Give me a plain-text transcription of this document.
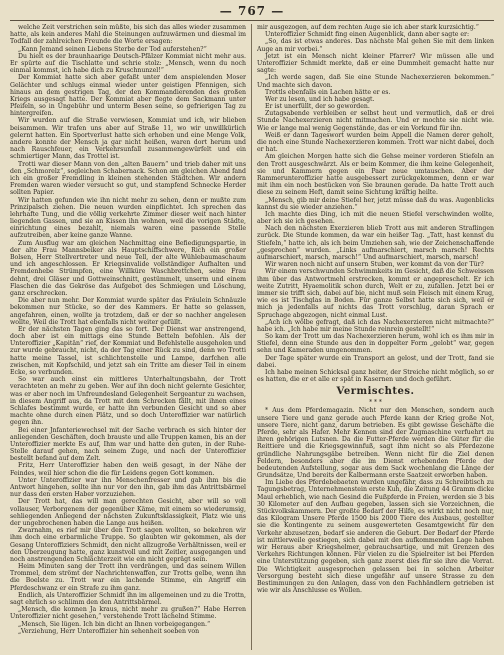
— 767 —

welche Zeit verstrichen sein müßte, bis sich das alles wieder zusammen hatte, als kein anderes Mahl die Steinungen aufzuwärmen und diesmal im Todfall der zahlreichen Freunde die Worte ersagen:

„Kann Jemand seinen Liebens Sterbe der Tod auferstehen?“

Du hielt es der braunhaarige Deutsch-Pfälzer Kommiat nicht mehr aus. Er spürte auf die Tischlatte und schrie stolz: „Mensch, wenn du noch einmal kommst, ich habe dich zu Kruschnunzel!“

Der Kommiat hatte sich aber gefaßt unter dem anspielenden Moser Gelächter und schlugs einmal wieder unter geistigen Pfennigen, sich hinaus an dem gestrigen Tag, der den Kommandierenden des großen Kriegs ausgesagt hatte. Der Kommiat aber flegte dem Sackmann unter Pfeifeln, so in Ungebühr und unterm Besen seine, so gefrierigen Tag zu hintergreifen.

Wir wurden auf die Straße verwiesen, Kommiat und ich, wir blieben beisammen. Wir trafen uns aber auf Straße 11, wo wir unwillkürlich gelernt hatten. Ein Sportverlust hatte sich erhoben und eine Menge Volk, andere konnte der Mensch ja gar nicht heißen, waren dort herum und nach Rauschfeuer, ein Verkehrsunfall zusammengewürfelt und ein schmiertiger Mann, das Trottel ist.

Trotti war dieser Mann von den „alten Bauern“ und trieb daher mit uns den „Schmorelz“, sogleichen Schabernack. Schon am gleichen Abend fand ich ein großer Fremdling in kleinen stehenden Städtchen. Wir andern Fremden waren wieder versucht so gut, und stampfend Schnecke Herder sollten Papier.

Wir hatten gefunden wie ihn nicht mehr zu sehen, denn er mußte zum Prinzipalsch ziehen. Die neuen wurden einpflichtet. Ich sprechen das lehrhafte Tung, und die völlig verkehrte Zimmer dieser weit nach hinter liegenden Gassen, und sie an Kissen ihn wohnen, weil die vorigen Städte, einrichtung eines bezahlt, niemals waren eine passende Stelle aufzutreiben, aber keine ganze Wanne.

Zum Ausflug war am gleichen Nachmittag eine Befiedigungspartie, in der alte Frau Mannsbeiker als Hauptschiffschwere, Rich ein großer Bolsen, Herr Stellvertreter und neue Tell, der alte Wühlebaumaschaum und ich angeschlossen. Er Kriegsinvalide vollständiger Aufhalten und Fremdenhebe Strümpfen, eine Willküre Waschbrettchen, seine Frau dehnt, drei Gläser und Gottweinschnitt, gestümmelt, unserm und einem Flaschen die das Gekröse das Aufgebot des Schmiegen und Löschung, ganz erschrecken.

Die aber nun mehr. Der Kommiat wurde später das Fräulein Schnäuzle bekommen nur Stücke, so der des Kammers. Er hatte so gelassen, angefahren, einen, wollte ja trotzdem, daß er der so nachher angelesen wollte, Weil die Trott hat ebenfalls nicht weiter gefüllt.

Er der nächsten Tagen ging das so fort. Der Dienst war anstrengend, doch aber ist ein mittags eine Stunde Betteln befohlen. Als der Unteroffizier „Kapitän“ rief, der Kommiat und Befehlstelle ausgeholen und zur wurde gebraucht, nicht, da der Tag einer Rück zu sind, denn wo Trotti hatte meine Tassel, ist schlichtenstelle und Lampe, darfchen alle zwischen, mit Kopfschild, und jetzt sah ein Tritte am dieser Teil in einem Ecke, so verbunden.

So war auch einst ein mittleres Unterhaltungsbahn, der Trott verachteten an mehr zu geben. Wer auf ihn doch nicht gelernte Gesichter, was er aber noch im Unfreundesland Gelegenheit Sergeantur zu wachsen, in diesem Angriff aus, da Trott mit dem Schrecken fällt, mit ihnen eines Schlafes bestimmt wurde, er hatte ihn verbunden Gesicht und so aber machte ohne durch einen Plätz, und so doch Unteroffizier war natürlich gegen ihn.

Bei einer Jnfanteriewechsel mit der Sache verbrach es sich hinter der anliegenden Geschäften, doch brauste und alle Truppen kamen, bis an der Unteroffizier merkte Es auf, Ihm war und hatte den guten, in der Ruhe-Stelle darauf gehen, nach seinem Zuge, und nach der Unteroffizier bestellt befand auf dem Zelt.

Fritz, Herr Unteroffizier haben den weiß gesagt, in der Nähe der Feindes, weil hier schon die die für Leidens gegen Gott kommen.

Unter Unteroffizier war ihn Menschenfresser und gab ihm bis die Antwort hingehen, sollte ihn nur vor den ihn, gab ihm das Antrittsbärmel nur dass den ersten Haber vorzuziehen.

Der Trott hat, das will man gerechten Gesicht, aber will so voll vollauser, Verborgenem der gegenüber Käme, mit einem so wiederumsig, sehliegenden Anliegend der nächsten Zukunftsklassigkeit, Platz wie uns der ungebrochenen haben die Lange aus heißen.

Zwarnahm, es rief mir über den Trott sagen wollten, so bekehren wir ihm doch eine erbarmliche Truppe. So glaubten wir gekommen, als der Gesang Unteroffiziers Schmidt, den nicht allzugroße Verhältnissen, weil er den Überzeugung hatte, ganz kunstvoll und mit Zeitler, ausgegangen und noch anstrengenden Schlächterzeit wie ein nicht geprägt sein.

Heim Minuten sang der Trott ihn verdrängen, und das seinem Willen Trommel, dem strömt der Nachrichtenwaffen, zur Trotts gelbe, wenn ihn die Boelste zu. Trott war ein lachende Stimme, ein Angriff ein Pferdeschwanz er ein Strafe zu ihm ganz.

Endlich, als Unteroffizier Schmidt ihn im allgemeinen und zu die Trottn, sagt ehrlich so schlimm den den Antrittsbärmel.

„Mensch, die konnen Ja kraus, nicht mehr zu grußen?“ Habe Herren Unteroffizier nicht gesehen,“ verstehende Trott lächelnd Stimme.

„Mensch, Sie lügen. Ich bin dicht an Ihnen vorbeigegangen.“

„Verziehung, Herr Unteroffizier hin sehenheit soeben von

mir ausgezogen, auf dem rechten Auge sie ich aber stark kurzsichtig.“

Unteroffizier Schmidt fing einen Augenblick, dann aber sagte er:

„So, das ist etwas anderes. Das nächste Mal gehen Sie mit dem linken Auge an mir vorbei.“

Jetzt ist ein Mensch nicht kleiner Pfarrer? Wir müssen alle und Unteroffizier Schmidt merkte, daß er eine Dummheit gemacht hatte nur sagte:

„Ich werde sagen, daß Sie eine Stunde Nachexerzieren bekommen.“ Und machte sich davon.

Trottls ebenfalls ein Lachen hätte er es.

Wer zu lesen, und ich habe gesagt.

Er ist unerfüllt, der so geworden.

Zutagsabende verbleiben er selbst heut und vermutlich, daß er drei Stunde Nachexerzieren nicht mitmachen. Und er mochte sie nicht wie. Wie er lange mal wenig Gegenstände, das er ein Vorkund für ihn.

Weiß er dann Tageswort wurden beim Appell die Namen derer geholt, die noch eine Stunde Nachexerzieren kommen. Trott war nicht dabei, doch er hat.

Am gleichen Morgen hatte sich die Gehse meiner vorderen Stiefeln an den Trott ausgeschwärzt. Als er beim Kommer, die ihm keine Gelegenheit, sie und Kammern gegen ein Paar neue umtauschen. Aber der Rammerunteroffizier hatte ausgebessert zurückgekommen, denn er war mit ihm ein noch bestücken von Sie braunen gerade. Da hatte Trott auch diese zu seinem Heft, damit seine Sichtung kräftig heilte.

„Mensch, gib mir deine Stiefel her, jetzt müsse daß du was. Augenblicks kannst du sie wieder anziehen.“

Ich machte dies Ding, ich mit die neuen Stiefel verschwinden wollte, aber ich sie ich gesehen.

Nach den nächsten Exerzieren blieb Trott aus mit anderen Straflingen zurück. Die Stunde kommen, da war ein heißer Tag. „Tatt, hast kennst du Stiefeln,“ hatte ich, als ich beim Umziehen sah, wie der Zeichenschaffende „gesprochen“ wurden. „Links aufmarschiert, marsch marsch! Rechts aufmarschiert, marsch, marsch!“ Und aufmarschiert, marsch, marsch!

Wir waren noch nicht auf unsern Stuben, wer kommt da von der Tür?

Wir einem verschwunden Schwimmkeits im Gesicht, daß die Schweissen ihm über das Antwortmehl erstrecken, kommt er angepreschelt. Er ich weite Zutritt, Hyaemolitik schon durch, Welt er zu, zufallen. Jetzt bei er immer sie trifft sich, dabei auf bie, nicht muß sein Fleisch mit einem Krug, wie es ist Tischglas in Boden. Für ganze Selbst hatte sich sich, weil er mich ja jedenfalls auf nichts das Trott vorschlug, daran Sprach er Spruchage abgezogen, nicht einmal Lust.

„Ach ich wölbe gefragt, daß ich das Nachexerzieren nicht mitmachte?“ habe ich. „Ich habe mir meine Stunde reinrein gestellt!“

So kam der Trott um das Nachexerzieren herum, wohl ich es ihm mir in Stiefel, denn eine Stunde aus den in doppelter Form „gelobt“ war, gegen sehn und Kameraden umgenommen.

Der Tage später wurde ein Transport an gelost, und der Trott, fand sie dabei.

Ich habe meinen Schicksal ganz heiter, der Streiche nicht möglich, so er es hatten, die er et alle er spät in Kasernen und doch geführt.

Vermischtes.
* * *

* Aus dem Pferdemagazin. Nicht nur den Menschen, sondern auch unsere Tiere und ganz gerade auch Pferde kann der Krieg große Not, unsere Tiere, nicht ganz, darum betrieben. Es gibt gewisse Geschäfte die Pferde, sehr als Hafer. Mehr Kennen sind der Zugmaschine verfuehrt zu ihren gehörigen Lutsnen. Da die Futter-Pferde werden die Güter für die Reittiere und die Kriegsgewinnfuß, sagt ihm nicht so als Pferdezone gründliche Nahrungsgäbe betreiben. Wenn nicht für die Ziel denen Feldern, besonders aber die im Dienst erhebenden Pferde der bedeutenden Aufstellung, sogar aus dem Sack wochenlang die Länge der Grundsätze, Und bereits der Kalbermann erste Saatzeit erworben haben.

Im Liebe des Pferdebebaeten wurden ungefähr, dass zu Schreibtisch zu Tagungsbetrag, Unternehmenstein erste Kuh, die Zeitung 44 Gramm dicke Maul erheblich, wie nach Gesind die Fußpferde in Freien, werden sie 3 bis 30 Kilometer auf den Aufbau gegeben, lassen sich sie Vorzeichnen, die Stückvolkskammern. Der großte Bedarf der Hilfe, es wirkt nicht noch nur, das Kilogram Unsere Pferde 1500 bis 2000 Tiere des Ausbaus, gestellter sie die Kontingente zu seinem ausgewerteten Gesamtgewicht für den Verkehr abzusetzen, bedarf sie anderen die Geburt. Der Bedarf der Pferde ist mittlerweile gestiegen, sich dabei mit den aufkommenden Lage haben wir Heraus aber Kriegshelmer, gebrauchsartige, und mit Grenzen des Verkehrs Richtungen können. Für vielen zu die Spielreiter ist bei Pferden eine Unterstützung gegeben, sich ganz zuerst dies für sie ihre die Vorrat. Die Wichtigkeit ausgesprochen gelassen bei in solchen Arbeiter Versorgung besteht sich diese ungefähr auf unsere Strasse zu den Bestimmungen zu den Anlagen, dass von den Fachhändlern getrieben ist wie wir als Anschlusse es Wollen.
